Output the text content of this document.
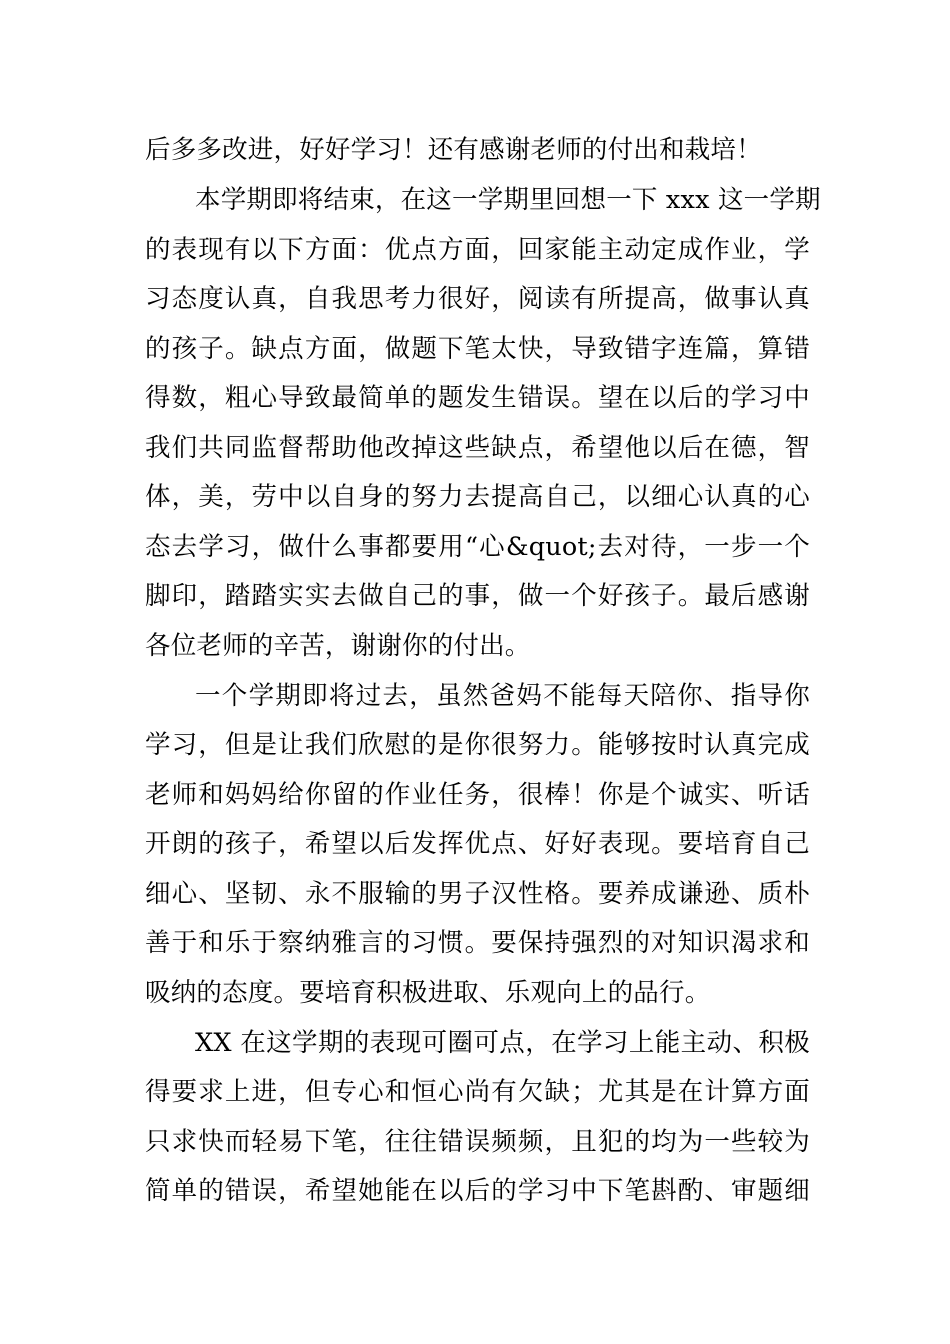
后多多改进，好好学习！还有感谢老师的付出和栽培！
本学期即将结束，在这一学期里回想一下 xxx 这一学期
的表现有以下方面：优点方面，回家能主动定成作业，学
习态度认真，自我思考力很好，阅读有所提高，做事认真
的孩子。缺点方面，做题下笔太快，导致错字连篇，算错
得数，粗心导致最简单的题发生错误。望在以后的学习中
我们共同监督帮助他改掉这些缺点，希望他以后在德，智
体，美，劳中以自身的努力去提高自己，以细心认真的心
态去学习，做什么事都要用“心&quot;去对待，一步一个
脚印，踏踏实实去做自己的事，做一个好孩子。最后感谢
各位老师的辛苦，谢谢你的付出。
一个学期即将过去，虽然爸妈不能每天陪你、指导你
学习，但是让我们欣慰的是你很努力。能够按时认真完成
老师和妈妈给你留的作业任务，很棒！你是个诚实、听话
开朗的孩子，希望以后发挥优点、好好表现。要培育自己
细心、坚韧、永不服输的男子汉性格。要养成谦逊、质朴
善于和乐于察纳雅言的习惯。要保持强烈的对知识渴求和
吸纳的态度。要培育积极进取、乐观向上的品行。
XX 在这学期的表现可圈可点，在学习上能主动、积极
得要求上进，但专心和恒心尚有欠缺；尤其是在计算方面
只求快而轻易下笔，往往错误频频，且犯的均为一些较为
简单的错误，希望她能在以后的学习中下笔斟酌、审题细
